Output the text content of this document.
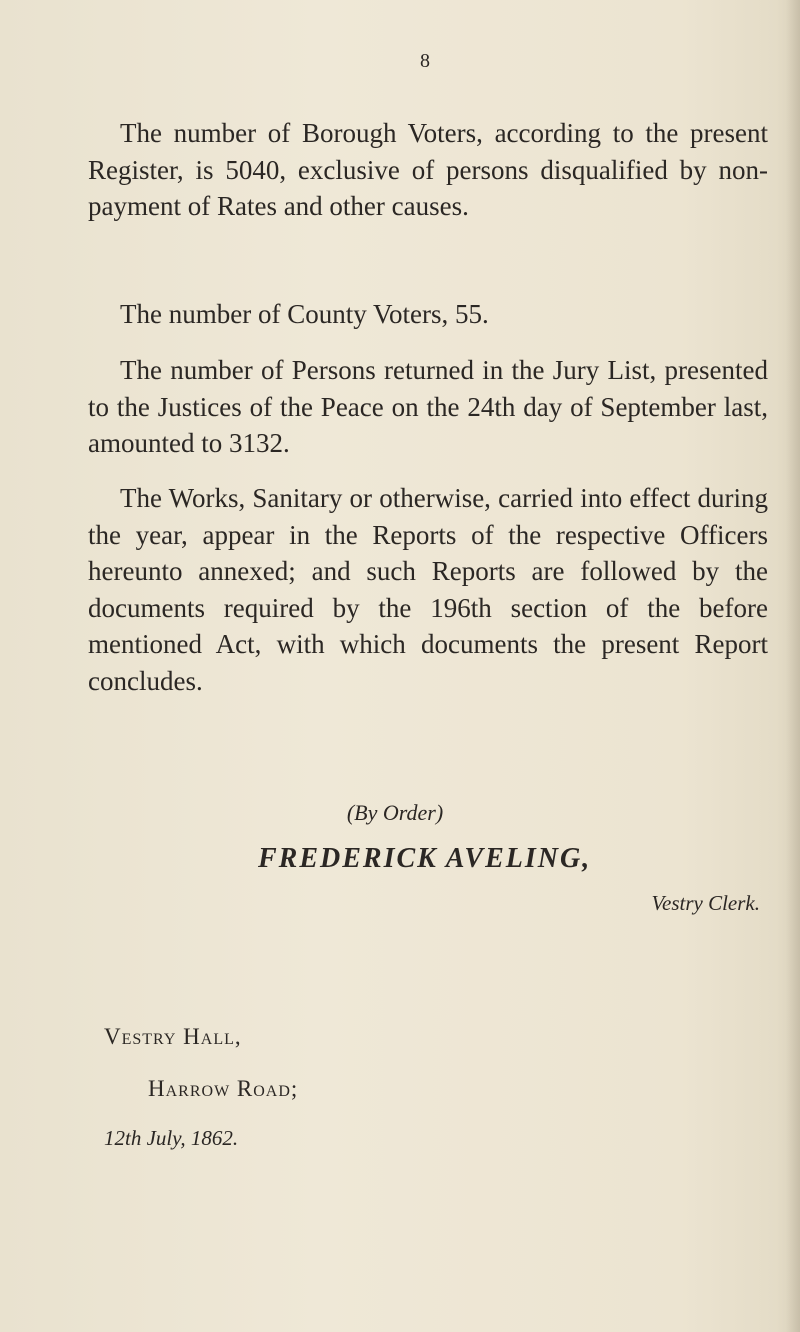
8

The number of Borough Voters, according to the present Register, is 5040, exclusive of persons disqualified by non-payment of Rates and other causes.

The number of County Voters, 55.

The number of Persons returned in the Jury List, presented to the Justices of the Peace on the 24th day of September last, amounted to 3132.

The Works, Sanitary or otherwise, carried into effect during the year, appear in the Reports of the respective Officers hereunto annexed; and such Reports are followed by the documents required by the 196th section of the before mentioned Act, with which documents the present Report concludes.

(By Order)
FREDERICK AVELING,
Vestry Clerk.
Vestry Hall,
Harrow Road;
12th July, 1862.
